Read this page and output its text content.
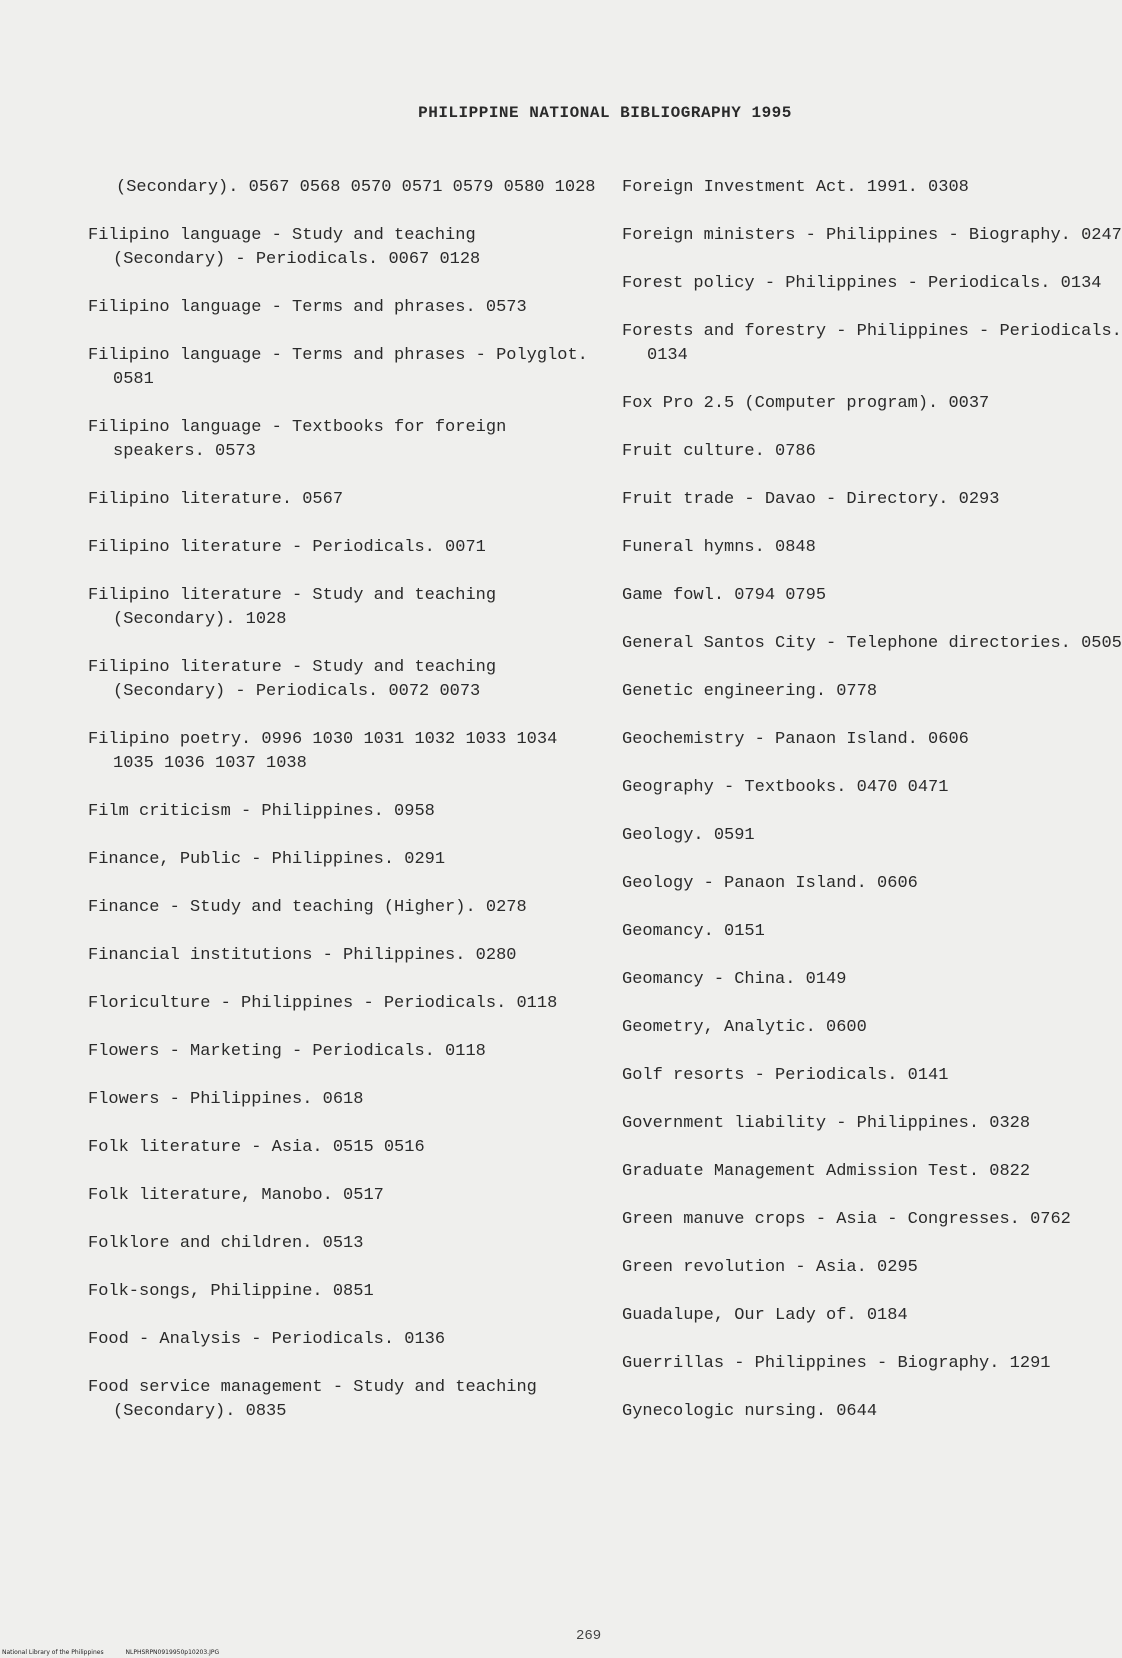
PHILIPPINE NATIONAL BIBLIOGRAPHY 1995

(Secondary). 0567 0568 0570 0571 0579 0580 1028

Filipino language - Study and teaching (Secondary) - Periodicals. 0067 0128

Filipino language - Terms and phrases. 0573

Filipino language - Terms and phrases - Polyglot. 0581

Filipino language - Textbooks for foreign speakers. 0573

Filipino literature. 0567

Filipino literature - Periodicals. 0071

Filipino literature - Study and teaching (Secondary). 1028

Filipino literature - Study and teaching (Secondary) - Periodicals. 0072 0073

Filipino poetry. 0996 1030 1031 1032 1033 1034 1035 1036 1037 1038

Film criticism - Philippines. 0958

Finance, Public - Philippines. 0291

Finance - Study and teaching (Higher). 0278

Financial institutions - Philippines. 0280

Floriculture - Philippines - Periodicals. 0118

Flowers - Marketing - Periodicals. 0118

Flowers - Philippines. 0618

Folk literature - Asia. 0515 0516

Folk literature, Manobo. 0517

Folklore and children. 0513

Folk-songs, Philippine. 0851

Food - Analysis - Periodicals. 0136

Food service management - Study and teaching (Secondary). 0835

Foreign Investment Act. 1991. 0308

Foreign ministers - Philippines - Biography. 0247

Forest policy - Philippines - Periodicals. 0134

Forests and forestry - Philippines - Periodicals. 0134

Fox Pro 2.5 (Computer program). 0037

Fruit culture. 0786

Fruit trade - Davao - Directory. 0293

Funeral hymns. 0848

Game fowl. 0794 0795

General Santos City - Telephone directories. 0505

Genetic engineering. 0778

Geochemistry - Panaon Island. 0606

Geography - Textbooks. 0470 0471

Geology. 0591

Geology - Panaon Island. 0606

Geomancy. 0151

Geomancy - China. 0149

Geometry, Analytic. 0600

Golf resorts - Periodicals. 0141

Government liability - Philippines. 0328

Graduate Management Admission Test. 0822

Green manuve crops - Asia - Congresses. 0762

Green revolution - Asia. 0295

Guadalupe, Our Lady of. 0184

Guerrillas - Philippines - Biography. 1291

Gynecologic nursing. 0644

269
National Library of the Philippines	NLPHSRPN0919950p10203.JPG
